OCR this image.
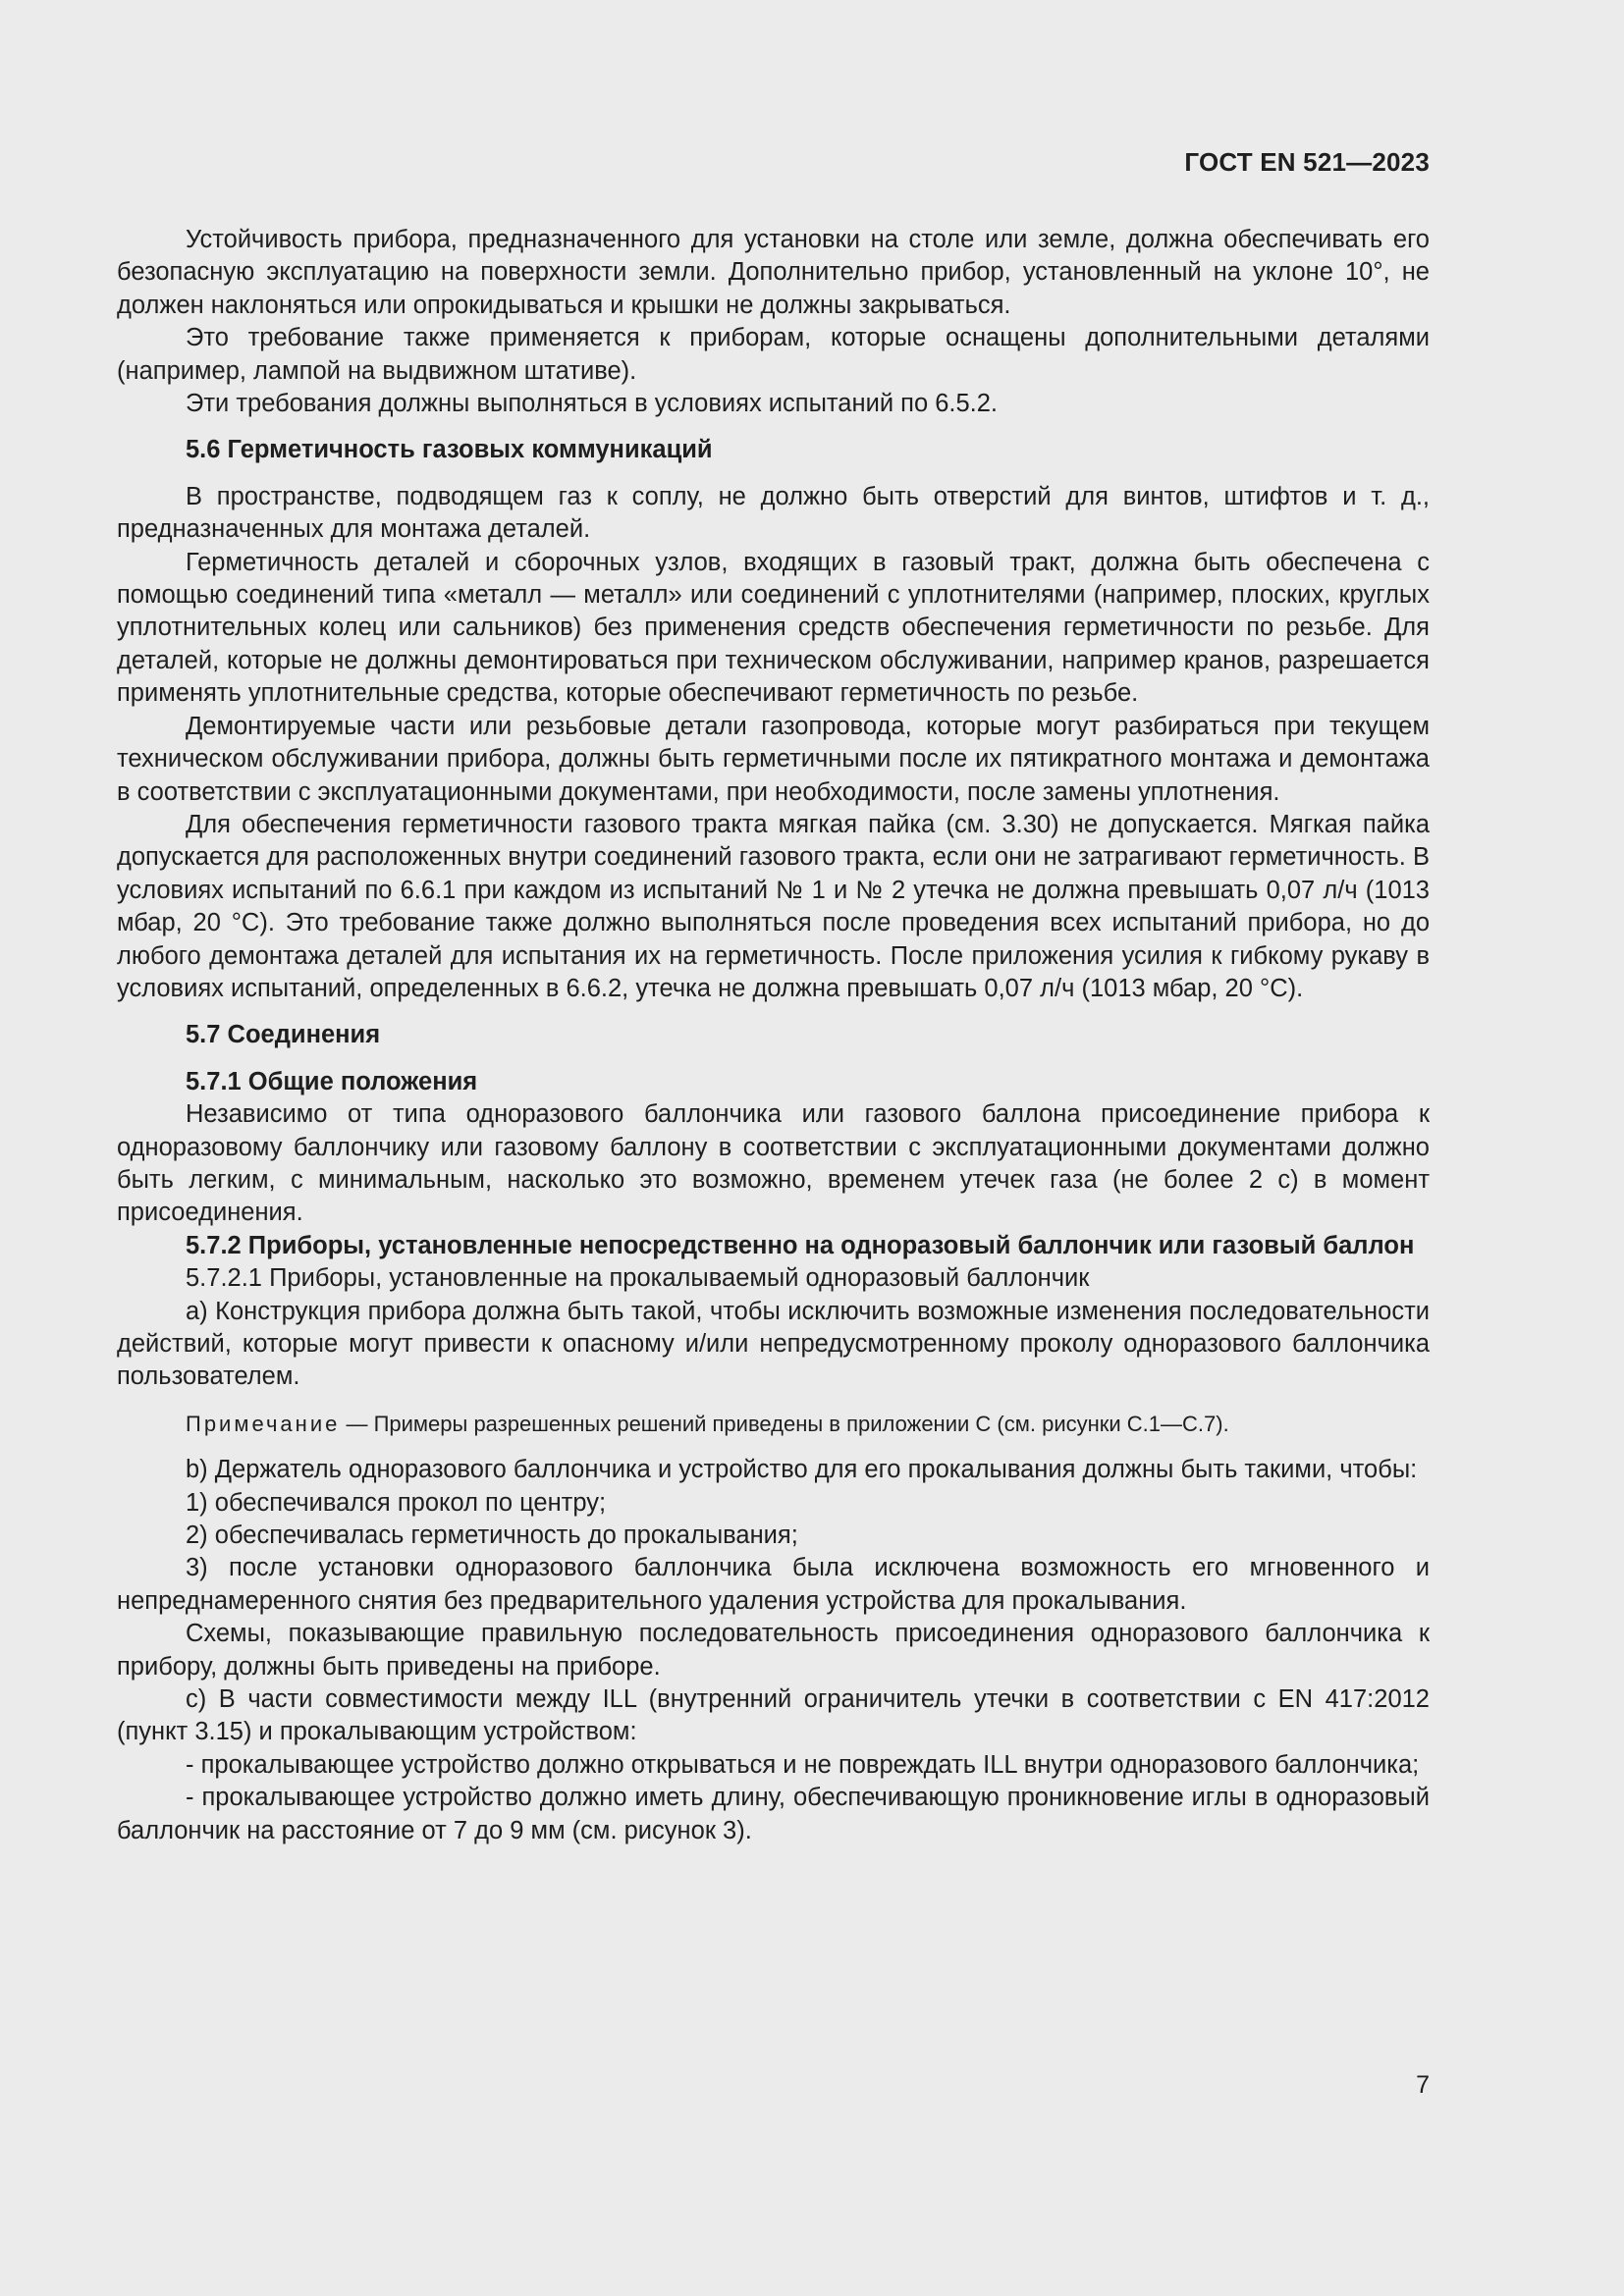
ГОСТ EN 521—2023

Устойчивость прибора, предназначенного для установки на столе или земле, должна обеспечивать его безопасную эксплуатацию на поверхности земли. Дополнительно прибор, установленный на уклоне 10°, не должен наклоняться или опрокидываться и крышки не должны закрываться.

Это требование также применяется к приборам, которые оснащены дополнительными деталями (например, лампой на выдвижном штативе).

Эти требования должны выполняться в условиях испытаний по 6.5.2.

5.6 Герметичность газовых коммуникаций

В пространстве, подводящем газ к соплу, не должно быть отверстий для винтов, штифтов и т. д., предназначенных для монтажа деталей.

Герметичность деталей и сборочных узлов, входящих в газовый тракт, должна быть обеспечена с помощью соединений типа «металл — металл» или соединений с уплотнителями (например, плоских, круглых уплотнительных колец или сальников) без применения средств обеспечения герметичности по резьбе. Для деталей, которые не должны демонтироваться при техническом обслуживании, например кранов, разрешается применять уплотнительные средства, которые обеспечивают герметичность по резьбе.

Демонтируемые части или резьбовые детали газопровода, которые могут разбираться при текущем техническом обслуживании прибора, должны быть герметичными после их пятикратного монтажа и демонтажа в соответствии с эксплуатационными документами, при необходимости, после замены уплотнения.

Для обеспечения герметичности газового тракта мягкая пайка (см. 3.30) не допускается. Мягкая пайка допускается для расположенных внутри соединений газового тракта, если они не затрагивают герметичность. В условиях испытаний по 6.6.1 при каждом из испытаний № 1 и № 2 утечка не должна превышать 0,07 л/ч (1013 мбар, 20 °С). Это требование также должно выполняться после проведения всех испытаний прибора, но до любого демонтажа деталей для испытания их на герметичность. После приложения усилия к гибкому рукаву в условиях испытаний, определенных в 6.6.2, утечка не должна превышать 0,07 л/ч (1013 мбар, 20 °С).

5.7 Соединения

5.7.1 Общие положения

Независимо от типа одноразового баллончика или газового баллона присоединение прибора к одноразовому баллончику или газовому баллону в соответствии с эксплуатационными документами должно быть легким, с минимальным, насколько это возможно, временем утечек газа (не более 2 с) в момент присоединения.

5.7.2 Приборы, установленные непосредственно на одноразовый баллончик или газовый баллон

5.7.2.1 Приборы, установленные на прокалываемый одноразовый баллончик

а) Конструкция прибора должна быть такой, чтобы исключить возможные изменения последовательности действий, которые могут привести к опасному и/или непредусмотренному проколу одноразового баллончика пользователем.

Примечание — Примеры разрешенных решений приведены в приложении С (см. рисунки С.1—С.7).

b) Держатель одноразового баллончика и устройство для его прокалывания должны быть такими, чтобы:

1) обеспечивался прокол по центру;

2) обеспечивалась герметичность до прокалывания;

3) после установки одноразового баллончика была исключена возможность его мгновенного и непреднамеренного снятия без предварительного удаления устройства для прокалывания.

Схемы, показывающие правильную последовательность присоединения одноразового баллончика к прибору, должны быть приведены на приборе.

с) В части совместимости между ILL (внутренний ограничитель утечки в соответствии с EN 417:2012 (пункт 3.15) и прокалывающим устройством:

- прокалывающее устройство должно открываться и не повреждать ILL внутри одноразового баллончика;

- прокалывающее устройство должно иметь длину, обеспечивающую проникновение иглы в одноразовый баллончик на расстояние от 7 до 9 мм (см. рисунок 3).

7
